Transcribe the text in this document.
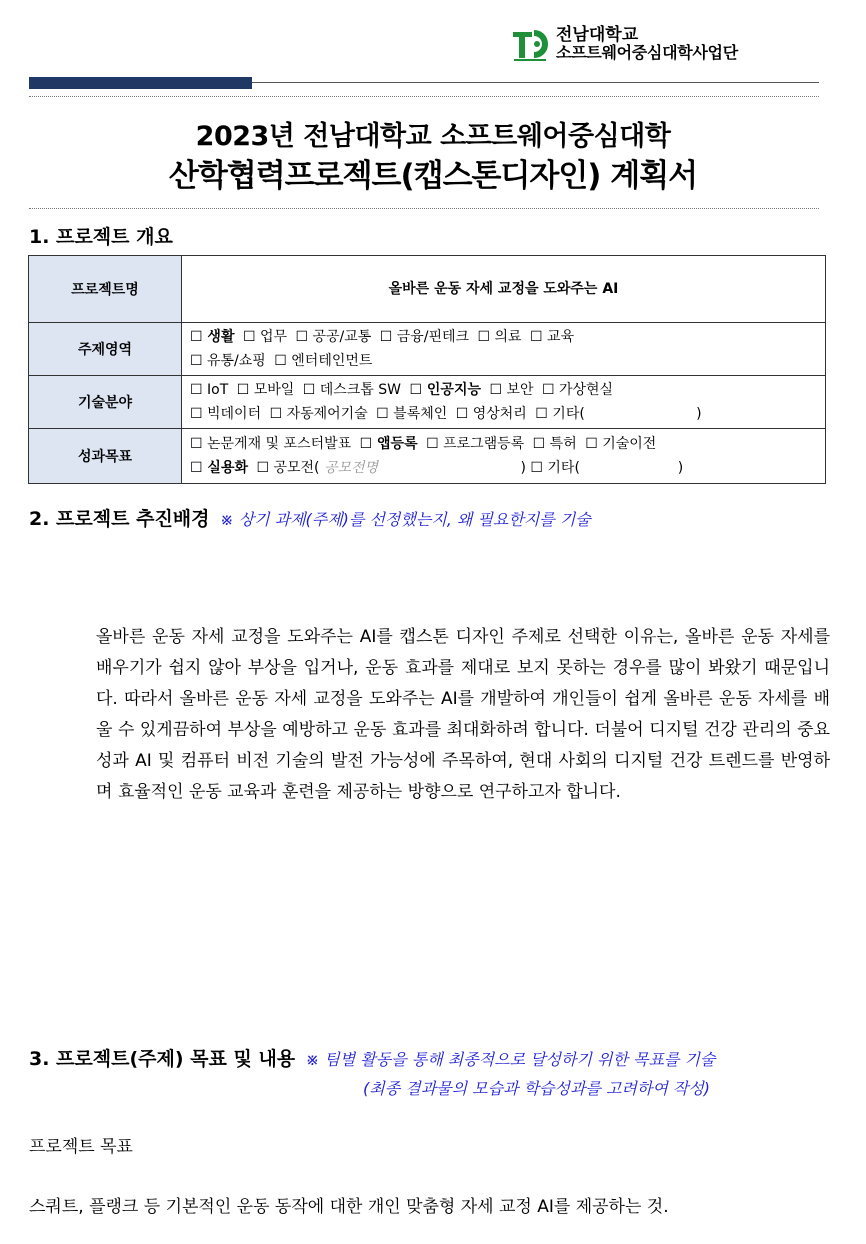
전남대학교
소프트웨어중심대학사업단
2023년 전남대학교 소프트웨어중심대학
산학협력프로젝트(캡스톤디자인) 계획서
1. 프로젝트 개요
프로젝트명	올바른 운동 자세 교정을 도와주는 AI
주제영역	☐ 생활 ☐ 업무 ☐ 공공/교통 ☐ 금융/핀테크 ☐ 의료 ☐ 교육
☐ 유통/쇼핑 ☐ 엔터테인먼트

기술분야	☐ IoT ☐ 모바일 ☐ 데스크톱 SW ☐ 인공지능 ☐ 보안 ☐ 가상현실
☐ 빅데이터 ☐ 자동제어기술 ☐ 블록체인 ☐ 영상처리 ☐ 기타(                         )

성과목표	☐ 논문게재 및 포스터발표 ☐ 앱등록 ☐ 프로그램등록 ☐ 특허 ☐ 기술이전
☐ 실용화 ☐ 공모전( 공모전명                                ) ☐ 기타(                      )
2. 프로젝트 추진배경 ※ 상기 과제(주제)를 선정했는지, 왜 필요한지를 기술
올바른 운동 자세 교정을 도와주는 AI를 캡스톤 디자인 주제로 선택한 이유는, 올바른 운동 자세를 배우기가 쉽지 않아 부상을 입거나, 운동 효과를 제대로 보지 못하는 경우를 많이 봐왔기 때문입니다. 따라서 올바른 운동 자세 교정을 도와주는 AI를 개발하여 개인들이 쉽게 올바른 운동 자세를 배울 수 있게끔하여 부상을 예방하고 운동 효과를 최대화하려 합니다. 더불어 디지털 건강 관리의 중요성과 AI 및 컴퓨터 비전 기술의 발전 가능성에 주목하여, 현대 사회의 디지털 건강 트렌드를 반영하며 효율적인 운동 교육과 훈련을 제공하는 방향으로 연구하고자 합니다.
3. 프로젝트(주제) 목표 및 내용 ※ 팀별 활동을 통해 최종적으로 달성하기 위한 목표를 기술
(최종 결과물의 모습과 학습성과를 고려하여 작성)
프로젝트 목표
스쿼트, 플랭크 등 기본적인 운동 동작에 대한 개인 맞춤형 자세 교정 AI를 제공하는 것.
